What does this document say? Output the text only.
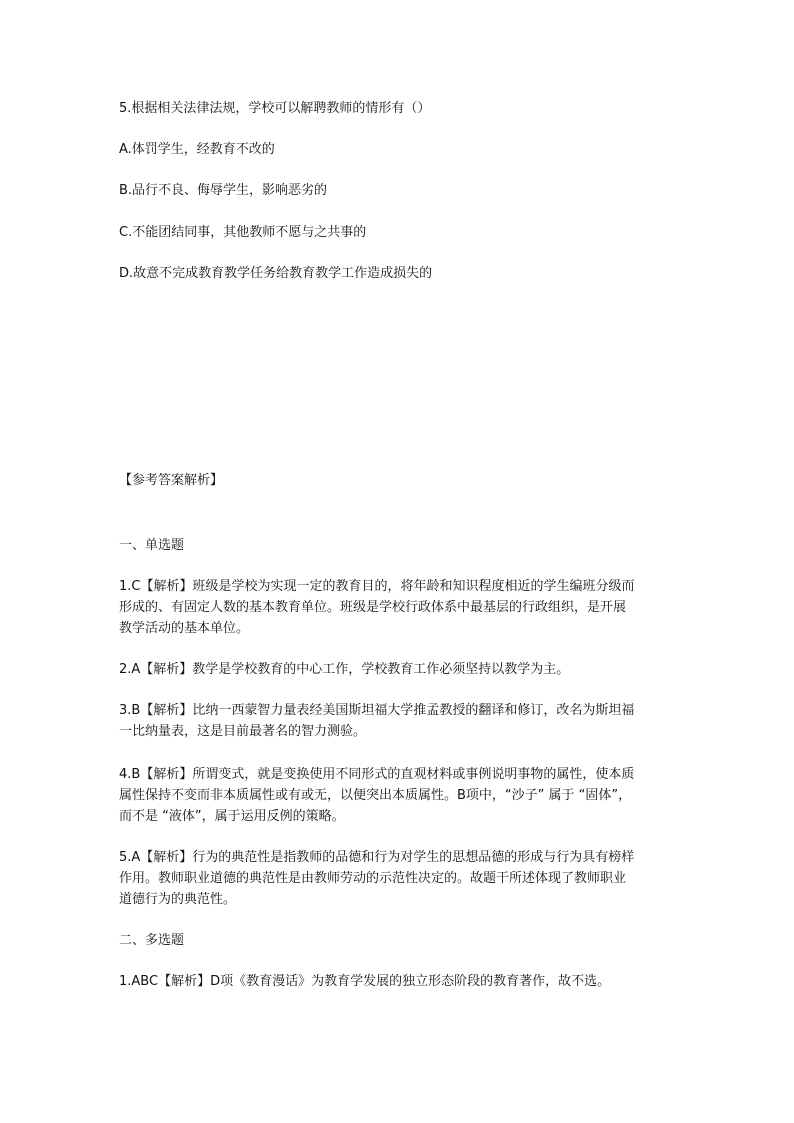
5.根据相关法律法规，学校可以解聘教师的情形有（）
A.体罚学生，经教育不改的
B.品行不良、侮辱学生，影响恶劣的
C.不能团结同事，其他教师不愿与之共事的
D.故意不完成教育教学任务给教育教学工作造成损失的
【参考答案解析】
一、单选题
1.C【解析】班级是学校为实现一定的教育目的，将年龄和知识程度相近的学生编班分级而
形成的、有固定人数的基本教育单位。班级是学校行政体系中最基层的行政组织，是开展
教学活动的基本单位。
2.A【解析】教学是学校教育的中心工作，学校教育工作必须坚持以教学为主。
3.B【解析】比纳一西蒙智力量表经美国斯坦福大学推孟教授的翻译和修订，改名为斯坦福
一比纳量表，这是目前最著名的智力测验。
4.B【解析】所谓变式，就是变换使用不同形式的直观材料或事例说明事物的属性，使本质
属性保持不变而非本质属性或有或无，以便突出本质属性。B项中，“沙子” 属于 “固体”，
而不是 “液体”，属于运用反例的策略。
5.A【解析】行为的典范性是指教师的品德和行为对学生的思想品德的形成与行为具有榜样
作用。教师职业道德的典范性是由教师劳动的示范性决定的。故题干所述体现了教师职业
道德行为的典范性。
二、多选题
1.ABC【解析】D项《教育漫话》为教育学发展的独立形态阶段的教育著作，故不选。
